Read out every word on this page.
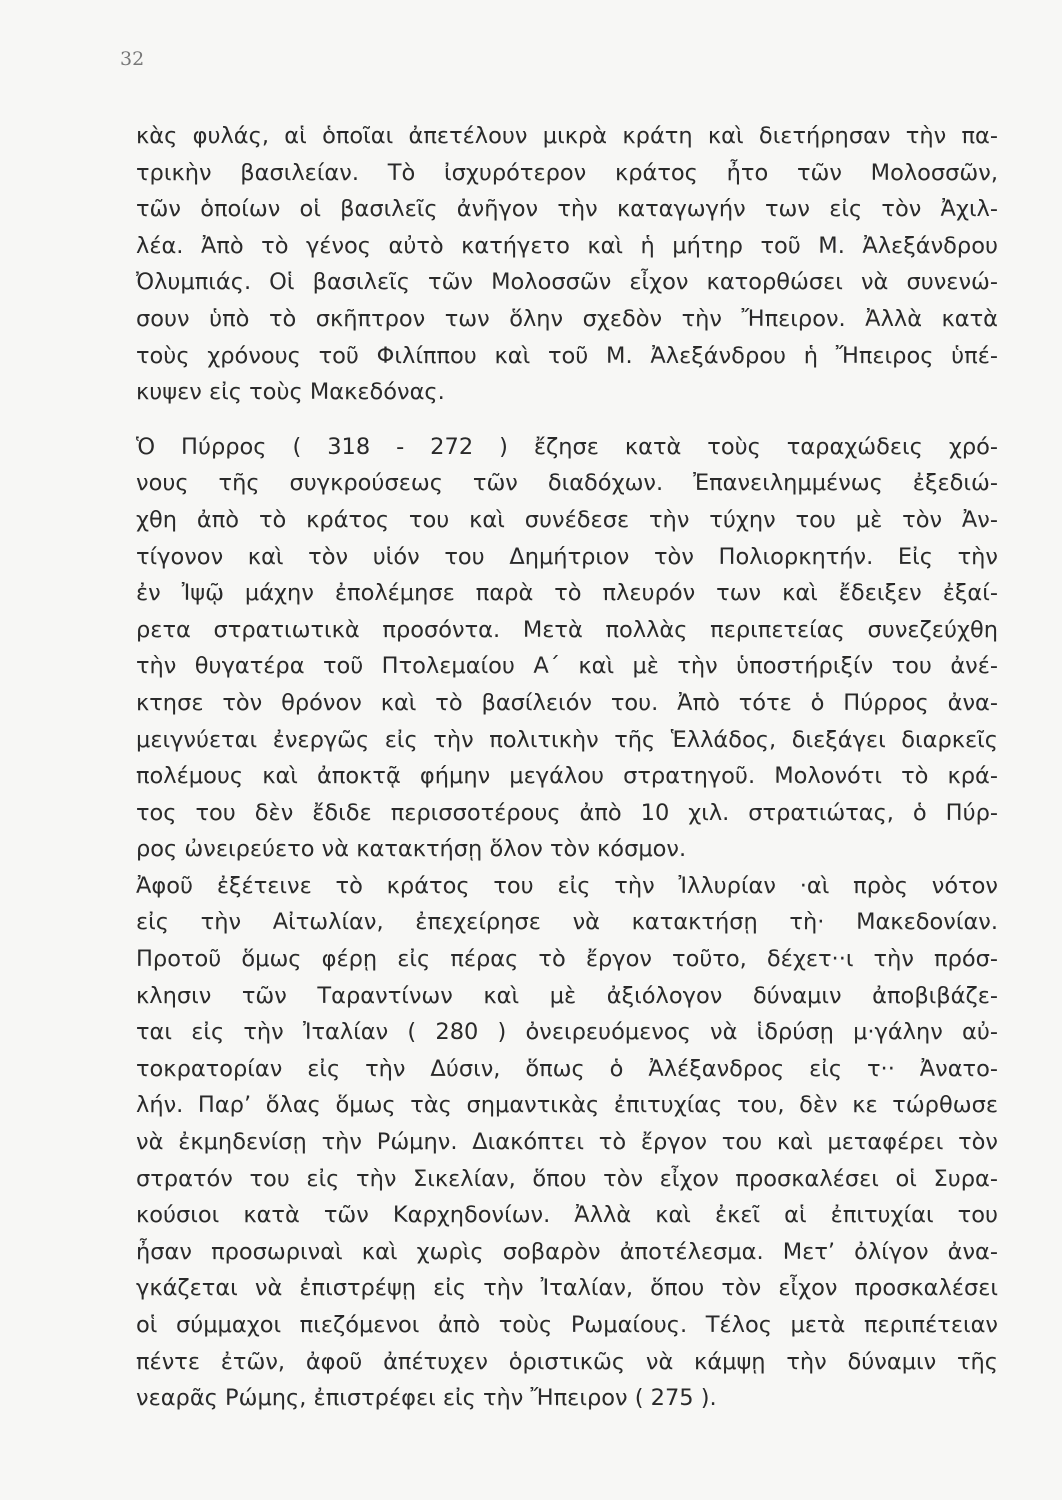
32
κὰς φυλάς, αἱ ὁποῖαι ἀπετέλουν μικρὰ κράτη καὶ διετήρησαν τὴν πα-
τρικὴν βασιλείαν. Τὸ ἰσχυρότερον κράτος ἦτο τῶν Μολοσσῶν,
τῶν ὁποίων οἱ βασιλεῖς ἀνῆγον τὴν καταγωγήν των εἰς τὸν Ἀχιλ-
λέα. Ἀπὸ τὸ γένος αὐτὸ κατήγετο καὶ ἡ μήτηρ τοῦ Μ. Ἀλεξάνδρου
Ὀλυμπιάς. Οἱ βασιλεῖς τῶν Μολοσσῶν εἶχον κατορθώσει νὰ συνενώ-
σουν ὑπὸ τὸ σκῆπτρον των ὅλην σχεδὸν τὴν Ἤπειρον. Ἀλλὰ κατὰ
τοὺς χρόνους τοῦ Φιλίππου καὶ τοῦ Μ. Ἀλεξάνδρου ἡ Ἤπειρος ὑπέ-
κυψεν εἰς τοὺς Μακεδόνας.
Ὁ Πύρρος ( 318 - 272 ) ἔζησε κατὰ τοὺς ταραχώδεις χρό-
νους τῆς συγκρούσεως τῶν διαδόχων. Ἐπανειλημμένως ἐξεδιώ-
χθη ἀπὸ τὸ κράτος του καὶ συνέδεσε τὴν τύχην του μὲ τὸν Ἀν-
τίγονον καὶ τὸν υἱόν του Δημήτριον τὸν Πολιορκητήν. Εἰς τὴν
ἐν Ἰψῷ μάχην ἐπολέμησε παρὰ τὸ πλευρόν των καὶ ἔδειξεν ἐξαί-
ρετα στρατιωτικὰ προσόντα. Μετὰ πολλὰς περιπετείας συνεζεύχθη
τὴν θυγατέρα τοῦ Πτολεμαίου Α΄ καὶ μὲ τὴν ὑποστήριξίν του ἀνέ-
κτησε τὸν θρόνον καὶ τὸ βασίλειόν του. Ἀπὸ τότε ὁ Πύρρος ἀνα-
μειγνύεται ἐνεργῶς εἰς τὴν πολιτικὴν τῆς Ἑλλάδος, διεξάγει διαρκεῖς
πολέμους καὶ ἀποκτᾷ φήμην μεγάλου στρατηγοῦ. Μολονότι τὸ κρά-
τος του δὲν ἔδιδε περισσοτέρους ἀπὸ 10 χιλ. στρατιώτας, ὁ Πύρ-
ρος ὠνειρεύετο νὰ κατακτήσῃ ὅλον τὸν κόσμον.
Ἀφοῦ ἐξέτεινε τὸ κράτος του εἰς τὴν Ἰλλυρίαν ·αὶ πρὸς νότον
εἰς τὴν Αἰτωλίαν, ἐπεχείρησε νὰ κατακτήσῃ τὴ· Μακεδονίαν.
Προτοῦ ὅμως φέρῃ εἰς πέρας τὸ ἔργον τοῦτο, δέχετ··ι τὴν πρόσ-
κλησιν τῶν Ταραντίνων καὶ μὲ ἀξιόλογον δύναμιν ἀποβιβάζε-
ται εἰς τὴν Ἰταλίαν ( 280 ) ὀνειρευόμενος νὰ ἱδρύσῃ μ·γάλην αὐ-
τοκρατορίαν εἰς τὴν Δύσιν, ὅπως ὁ Ἀλέξανδρος εἰς τ·· Ἀνατο-
λήν. Παρ’ ὅλας ὅμως τὰς σημαντικὰς ἐπιτυχίας του, δὲν κε τώρθωσε
νὰ ἐκμηδενίσῃ τὴν Ρώμην. Διακόπτει τὸ ἔργον του καὶ μεταφέρει τὸν
στρατόν του εἰς τὴν Σικελίαν, ὅπου τὸν εἶχον προσκαλέσει οἱ Συρα-
κούσιοι κατὰ τῶν Καρχηδονίων. Ἀλλὰ καὶ ἐκεῖ αἱ ἐπιτυχίαι του
ἦσαν προσωριναὶ καὶ χωρὶς σοβαρὸν ἀποτέλεσμα. Μετ’ ὀλίγον ἀνα-
γκάζεται νὰ ἐπιστρέψῃ εἰς τὴν Ἰταλίαν, ὅπου τὸν εἶχον προσκαλέσει
οἱ σύμμαχοι πιεζόμενοι ἀπὸ τοὺς Ρωμαίους. Τέλος μετὰ περιπέτειαν
πέντε ἐτῶν, ἀφοῦ ἀπέτυχεν ὁριστικῶς νὰ κάμψῃ τὴν δύναμιν τῆς
νεαρᾶς Ρώμης, ἐπιστρέφει εἰς τὴν Ἤπειρον ( 275 ).
